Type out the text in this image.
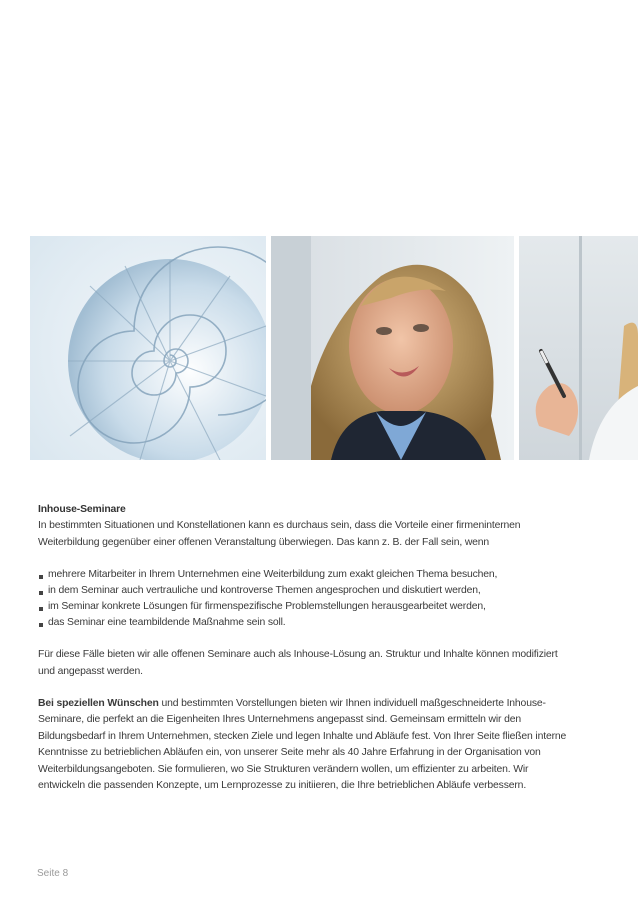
Inhouse-Seminare

In bestimmten Situationen und Konstellationen kann es durchaus sein, dass die Vorteile einer firmeninternen Weiterbildung gegenüber einer offenen Veranstaltung überwiegen. Das kann z. B. der Fall sein, wenn

mehrere Mitarbeiter in Ihrem Unternehmen eine Weiterbildung zum exakt gleichen Thema besuchen,
in dem Seminar auch vertrauliche und kontroverse Themen angesprochen und diskutiert werden,
im Seminar konkrete Lösungen für firmenspezifische Problemstellungen herausgearbeitet werden,
das Seminar eine teambildende Maßnahme sein soll.

Für diese Fälle bieten wir alle offenen Seminare auch als Inhouse-Lösung an. Struktur und Inhalte können modifiziert und angepasst werden.

Bei speziellen Wünschen und bestimmten Vorstellungen bieten wir Ihnen individuell maßgeschneiderte Inhouse-Seminare, die perfekt an die Eigenheiten Ihres Unternehmens angepasst sind. Gemeinsam ermitteln wir den Bildungsbedarf in Ihrem Unternehmen, stecken Ziele und legen Inhalte und Abläufe fest. Von Ihrer Seite fließen interne Kenntnisse zu betrieblichen Abläufen ein, von unserer Seite mehr als 40 Jahre Erfahrung in der Organisation von Weiterbildungsangeboten. Sie formulieren, wo Sie Strukturen verändern wollen, um effizienter zu arbeiten. Wir entwickeln die passenden Konzepte, um Lernprozesse zu initiieren, die Ihre betrieblichen Abläufe verbessern.

Seite 8
